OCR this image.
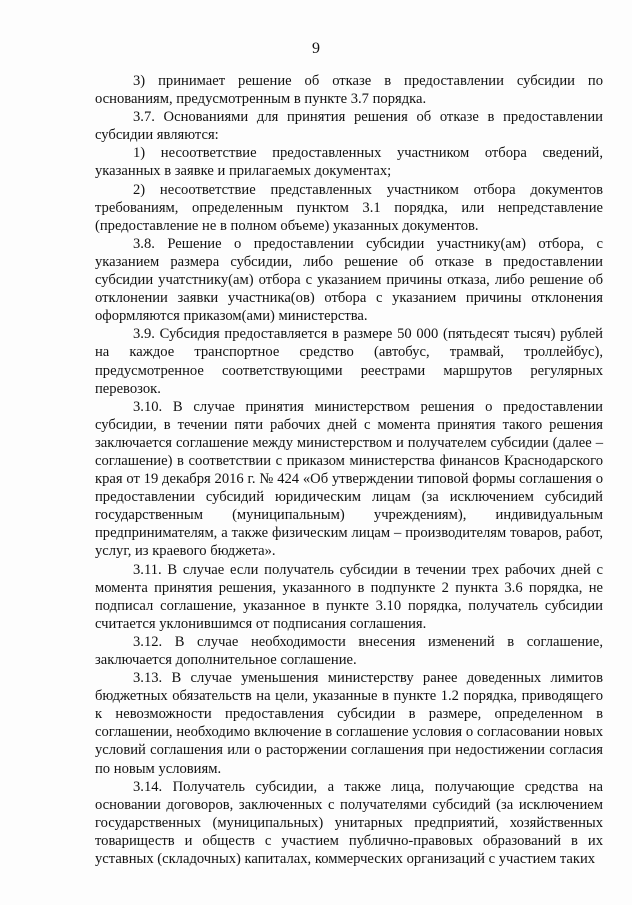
9

3) принимает решение об отказе в предоставлении субсидии по основаниям, предусмотренным в пункте 3.7 порядка.

3.7. Основаниями для принятия решения об отказе в предоставлении субсидии являются:

1) несоответствие предоставленных участником отбора сведений, указанных в заявке и прилагаемых документах;

2) несоответствие представленных участником отбора документов требованиям, определенным пунктом 3.1 порядка, или непредставление (предоставление не в полном объеме) указанных документов.

3.8. Решение о предоставлении субсидии участнику(ам) отбора, с указанием размера субсидии, либо решение об отказе в предоставлении субсидии учатстнику(ам) отбора с указанием причины отказа, либо решение об отклонении заявки участника(ов) отбора с указанием причины отклонения оформляются приказом(ами) министерства.

3.9. Субсидия предоставляется в размере 50 000 (пятьдесят тысяч) рублей на каждое транспортное средство (автобус, трамвай, троллейбус), предусмотренное соответствующими реестрами маршрутов регулярных перевозок.

3.10. В случае принятия министерством решения о предоставлении субсидии, в течении пяти рабочих дней с момента принятия такого решения заключается соглашение между министерством и получателем субсидии (далее – соглашение) в соответствии с приказом министерства финансов Краснодарского края от 19 декабря 2016 г. № 424 «Об утверждении типовой формы соглашения о предоставлении субсидий юридическим лицам (за исключением субсидий государственным (муниципальным) учреждениям), индивидуальным предпринимателям, а также физическим лицам – производителям товаров, работ, услуг, из краевого бюджета».

3.11. В случае если получатель субсидии в течении трех рабочих дней с момента принятия решения, указанного в подпункте 2 пункта 3.6 порядка, не подписал соглашение, указанное в пункте 3.10 порядка, получатель субсидии считается уклонившимся от подписания соглашения.

3.12. В случае необходимости внесения изменений в соглашение, заключается дополнительное соглашение.

3.13. В случае уменьшения министерству ранее доведенных лимитов бюджетных обязательств на цели, указанные в пункте 1.2 порядка, приводящего к невозможности предоставления субсидии в размере, определенном в соглашении, необходимо включение в соглашение условия о согласовании новых условий соглашения или о расторжении соглашения при недостижении согласия по новым условиям.

3.14. Получатель субсидии, а также лица, получающие средства на основании договоров, заключенных с получателями субсидий (за исключением государственных (муниципальных) унитарных предприятий, хозяйственных товариществ и обществ с участием публично-правовых образований в их уставных (складочных) капиталах, коммерческих организаций с участием таких
